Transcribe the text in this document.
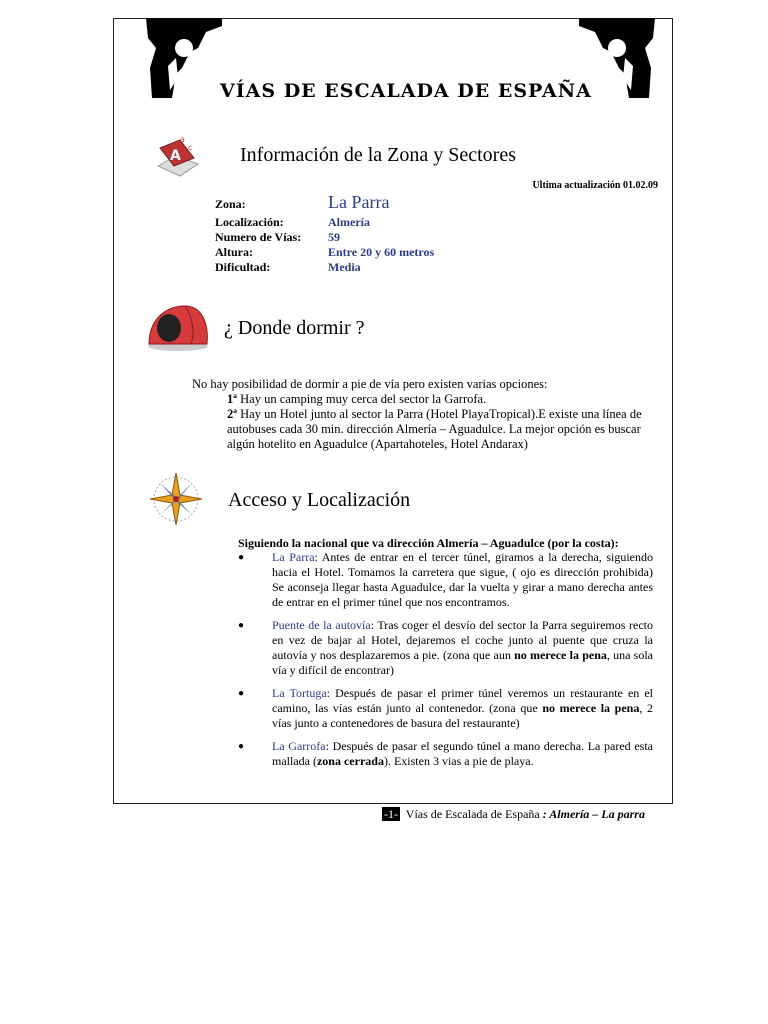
VÍAS DE ESCALADA DE ESPAÑA
A
a
c Información de la Zona y Sectores
Ultima actualización 01.02.09
Zona:	La Parra
Localización:	Almería
Numero de Vías:	59
Altura:	Entre 20 y 60 metros
Dificultad:	Media
¿ Donde dormir ?
No hay posibilidad de dormir a pie de vía pero existen varias opciones:
1ª Hay un camping muy cerca del sector la Garrofa.
2ª Hay un Hotel junto al sector la Parra (Hotel PlayaTropical).E existe una línea de autobuses cada 30 min. dirección Almería – Aguadulce. La mejor opción es buscar algún hotelito en Aguadulce (Apartahoteles, Hotel Andarax)
Acceso y Localización
Siguiendo la nacional que va dirección Almería – Aguadulce (por la costa):
●	La Parra: Antes de entrar en el tercer túnel, giramos a la derecha, siguiendo hacia el Hotel. Tomamos la carretera que sigue, ( ojo es dirección prohibida) Se aconseja llegar hasta Aguadulce, dar la vuelta y girar a mano derecha antes de entrar en el primer túnel que nos encontramos.
●	Puente de la autovía: Tras coger el desvío del sector la Parra seguiremos recto en vez de bajar al Hotel, dejaremos el coche junto al puente que cruza la autovía y nos desplazaremos a pie. (zona que aun no merece la pena, una sola vía y difícil de encontrar)
●	La Tortuga: Después de pasar el primer túnel veremos un restaurante en el camino, las vías están junto al contenedor. (zona que no merece la pena, 2 vías junto a contenedores de basura del restaurante)
●	La Garrofa: Después de pasar el segundo túnel a mano derecha. La pared esta mallada (zona cerrada). Existen 3 vias a pie de playa.
-1- Vías de Escalada de España : Almería – La parra
